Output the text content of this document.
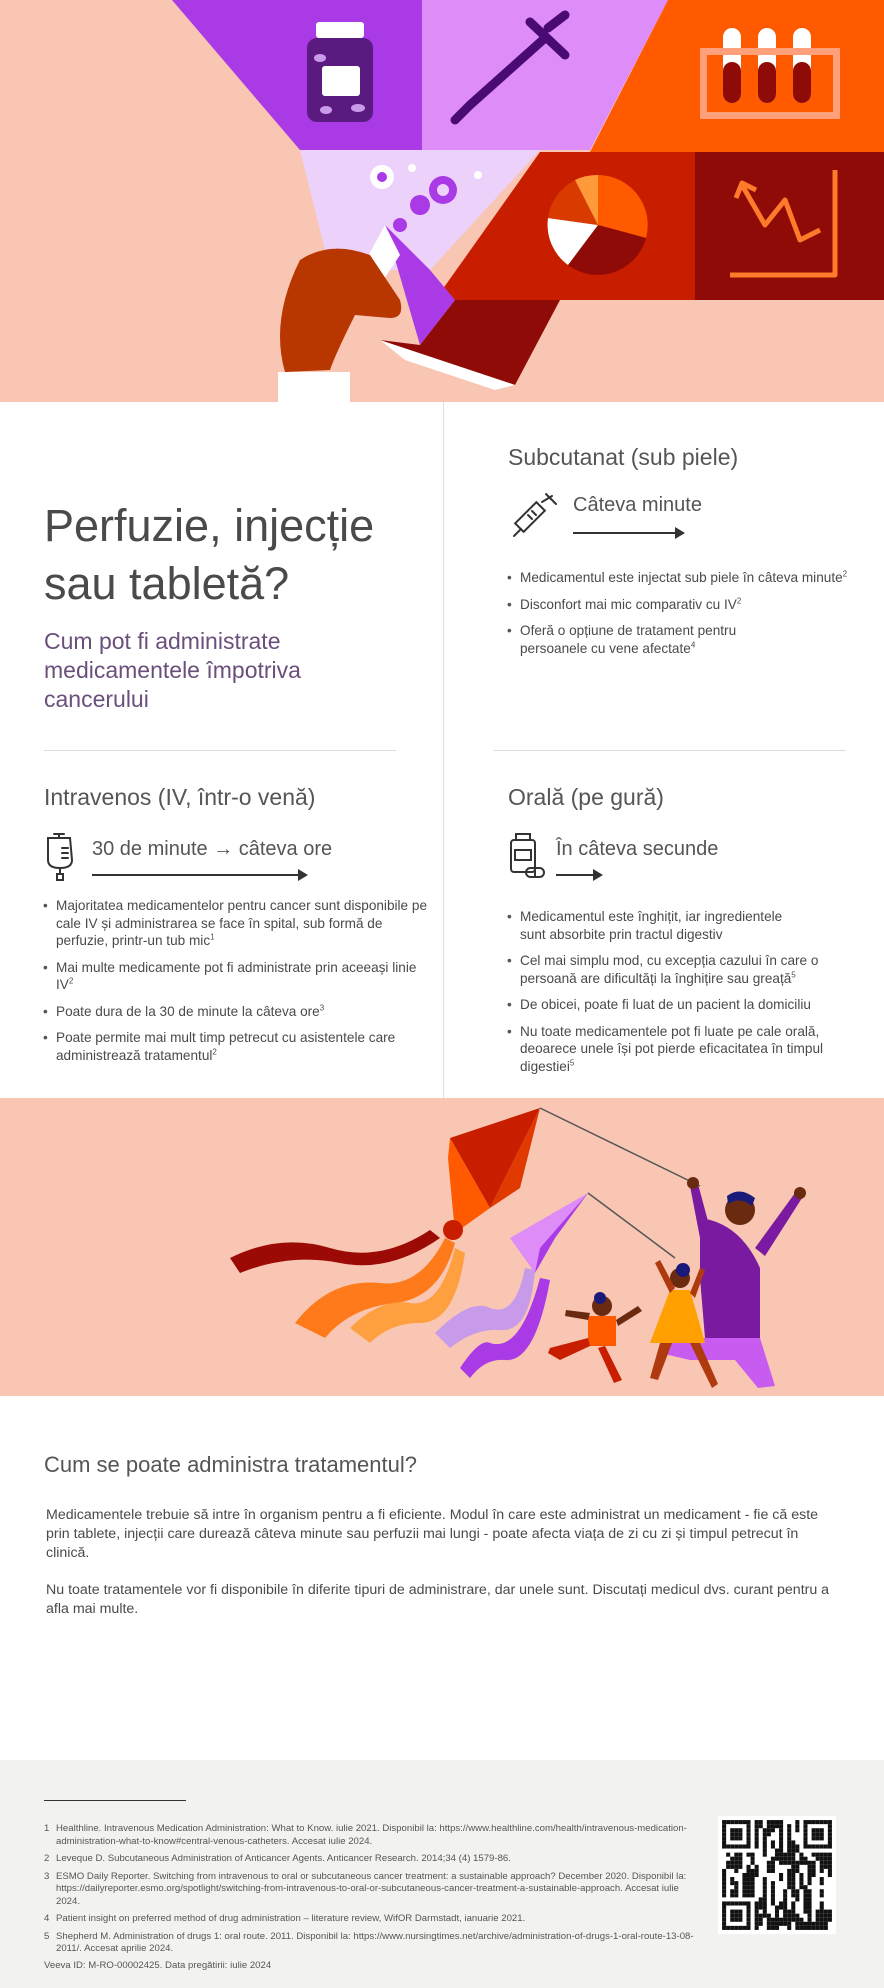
Perfuzie, injecție
sau tabletă?

Cum pot fi administrate medicamentele împotriva cancerului

Subcutanat (sub piele)
Câteva minute
• Medicamentul este injectat sub piele în câteva minute$^2$
• Disconfort mai mic comparativ cu $IV^2$
• Oferă o opțiune de tratament pentru persoanele cu vene afectate$^4$
Intravenos (IV, într-o venă)
30 de minute → câteva ore
• Majoritatea medicamentelor pentru cancer sunt disponibile pe cale IV și administrarea se face în spital, sub formă de perfuzie, printr-un tub mic$^1$
• Mai multe medicamente pot fi administrate prin aceeași linie $IV^2$
• Poate dura de la 30 de minute la câteva ore$^3$
• Poate permite mai mult timp petrecut cu asistentele care administrează tratamentul$^2$
Orală (pe gură)
În câteva secunde
• Medicamentul este înghițit, iar ingredientele sunt absorbite prin tractul digestiv
• Cel mai simplu mod, cu excepția cazului în care o persoană are dificultăți la înghițire sau greață$^5$
• De obicei, poate fi luat de un pacient la domiciliu
• Nu toate medicamentele pot fi luate pe cale orală, deoarece unele își pot pierde eficacitatea în timpul digestiei$^5$
Cum se poate administra tratamentul?

Medicamentele trebuie să intre în organism pentru a fi eficiente. Modul în care este administrat un medicament - fie că este prin tablete, injecții care durează câteva minute sau perfuzii mai lungi - poate afecta viața de zi cu zi și timpul petrecut în clinică.

Nu toate tratamentele vor fi disponibile în diferite tipuri de administrare, dar unele sunt. Discutați medicul dvs. curant pentru a afla mai multe.

1 Healthline. Intravenous Medication Administration: What to Know. iulie 2021. Disponibil la: https://www.healthline.com/health/intravenous-medication-administration-what-to-know#central-venous-catheters. Accesat iulie 2024.
2 Leveque D. Subcutaneous Administration of Anticancer Agents. Anticancer Research. 2014;34 (4) 1579-86.
3 ESMO Daily Reporter. Switching from intravenous to oral or subcutaneous cancer treatment: a sustainable approach? December 2020. Disponibil la: https://dailyreporter.esmo.org/spotlight/switching-from-intravenous-to-oral-or-subcutaneous-cancer-treatment-a-sustainable-approach. Accesat iulie 2024.
4 Patient insight on preferred method of drug administration – literature review, WifOR Darmstadt, ianuarie 2021.
5 Shepherd M. Administration of drugs 1: oral route. 2011. Disponibil la: https://www.nursingtimes.net/archive/administration-of-drugs-1-oral-route-13-08-2011/. Accesat aprilie 2024.
Veeva ID: M-RO-00002425. Data pregătirii: iulie 2024
